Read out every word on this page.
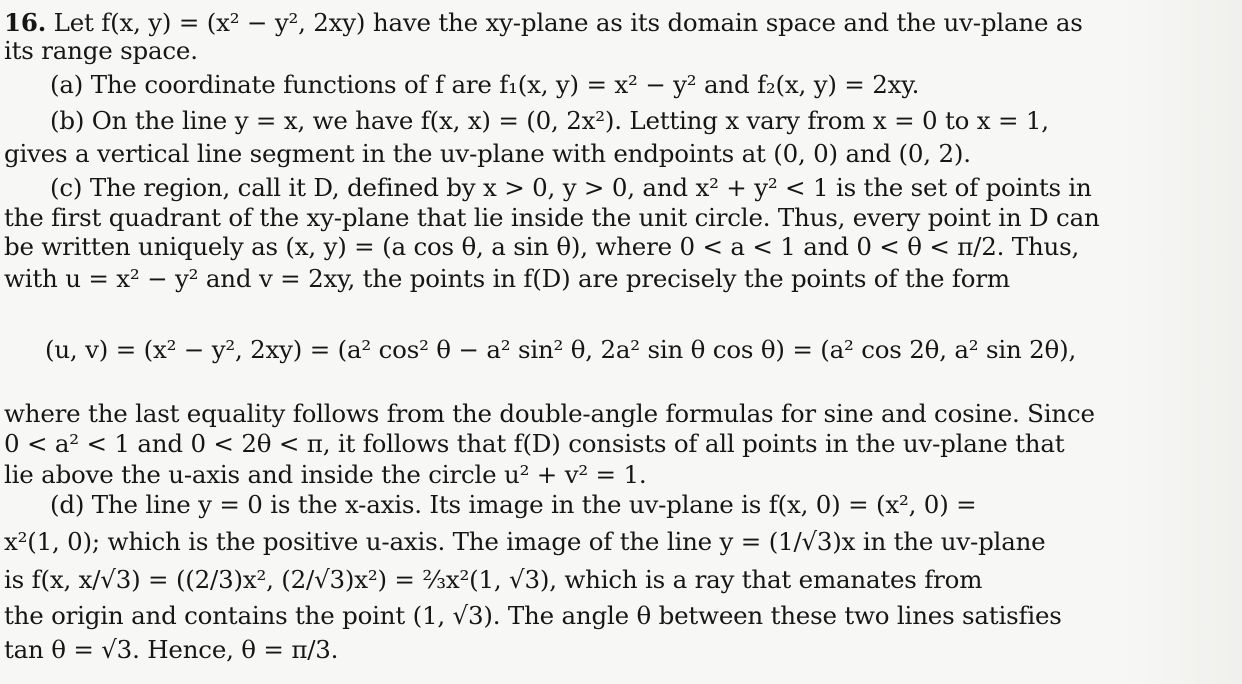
16. Let f(x, y) = (x² − y², 2xy) have the xy-plane as its domain space and the uv-plane as
its range space.
(a) The coordinate functions of f are f₁(x, y) = x² − y² and f₂(x, y) = 2xy.
(b) On the line y = x, we have f(x, x) = (0, 2x²). Letting x vary from x = 0 to x = 1,
gives a vertical line segment in the uv-plane with endpoints at (0, 0) and (0, 2).
(c) The region, call it D, defined by x > 0, y > 0, and x² + y² < 1 is the set of points in
the first quadrant of the xy-plane that lie inside the unit circle. Thus, every point in D can
be written uniquely as (x, y) = (a cos θ, a sin θ), where 0 < a < 1 and 0 < θ < π/2. Thus,
with u = x² − y² and v = 2xy, the points in f(D) are precisely the points of the form
(u, v) = (x² − y², 2xy) = (a² cos² θ − a² sin² θ, 2a² sin θ cos θ) = (a² cos 2θ, a² sin 2θ),
where the last equality follows from the double-angle formulas for sine and cosine. Since
0 < a² < 1 and 0 < 2θ < π, it follows that f(D) consists of all points in the uv-plane that
lie above the u-axis and inside the circle u² + v² = 1.
(d) The line y = 0 is the x-axis. Its image in the uv-plane is f(x, 0) = (x², 0) =
x²(1, 0); which is the positive u-axis. The image of the line y = (1/√3)x in the uv-plane
is f(x, x/√3) = ((2/3)x², (2/√3)x²) = ⅔x²(1, √3), which is a ray that emanates from
the origin and contains the point (1, √3). The angle θ between these two lines satisfies
tan θ = √3. Hence, θ = π/3.
